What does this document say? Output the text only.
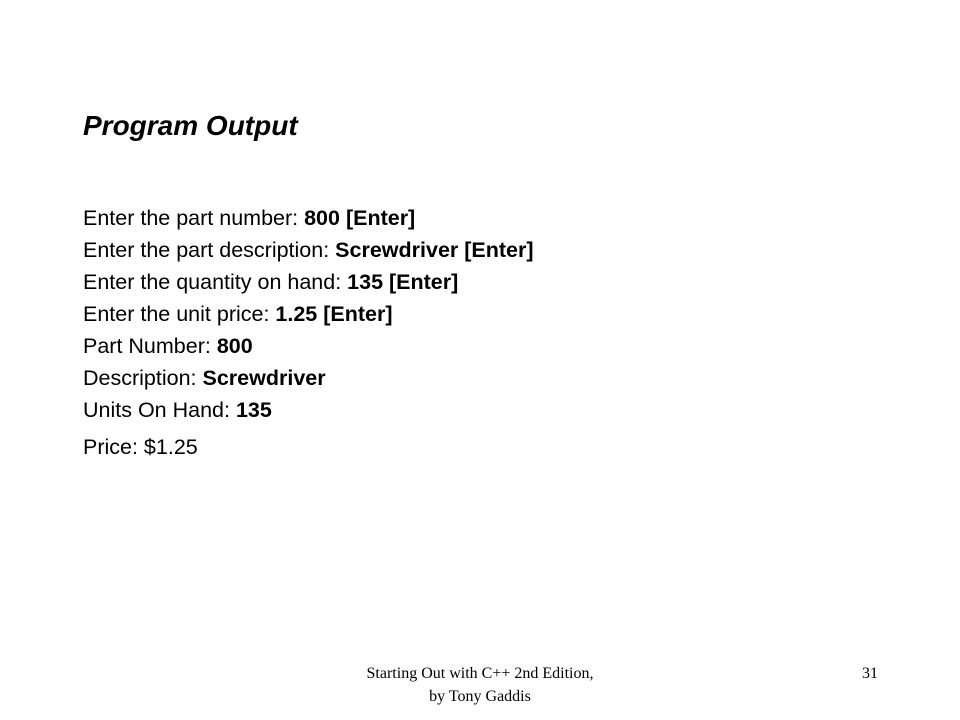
Program Output
Enter the part number: 800 [Enter]
Enter the part description: Screwdriver [Enter]
Enter the quantity on hand: 135 [Enter]
Enter the unit price: 1.25 [Enter]
Part Number: 800
Description: Screwdriver
Units On Hand: 135
Price: $1.25
Starting Out with C++ 2nd Edition,
by Tony Gaddis
31
